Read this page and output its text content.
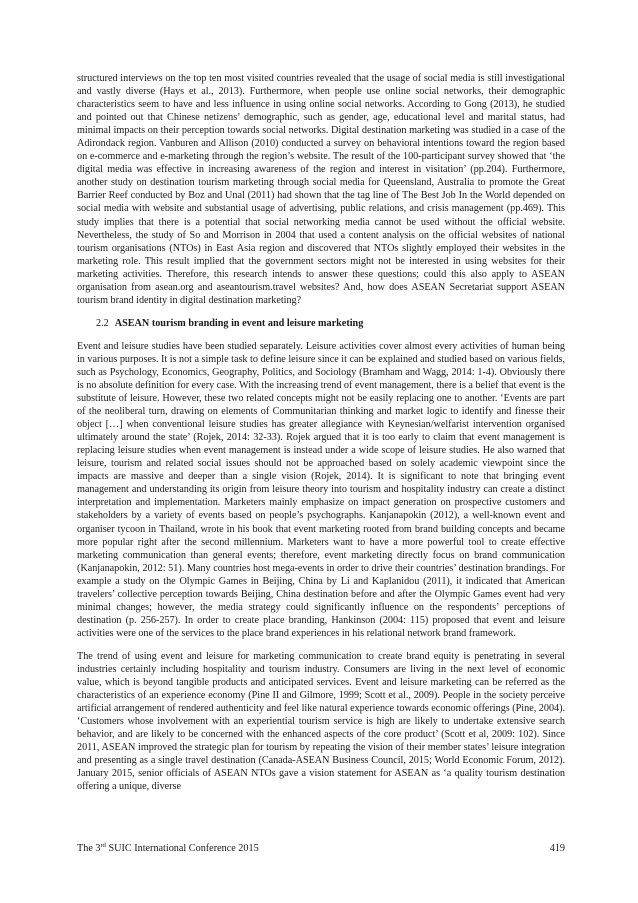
structured interviews on the top ten most visited countries revealed that the usage of social media is still investigational and vastly diverse (Hays et al., 2013). Furthermore, when people use online social networks, their demographic characteristics seem to have and less influence in using online social networks. According to Gong (2013), he studied and pointed out that Chinese netizens’ demographic, such as gender, age, educational level and marital status, had minimal impacts on their perception towards social networks. Digital destination marketing was studied in a case of the Adirondack region. Vanburen and Allison (2010) conducted a survey on behavioral intentions toward the region based on e-commerce and e-marketing through the region’s website. The result of the 100-participant survey showed that ‘the digital media was effective in increasing awareness of the region and interest in visitation’ (pp.204). Furthermore, another study on destination tourism marketing through social media for Queensland, Australia to promote the Great Barrier Reef conducted by Boz and Unal (2011) had shown that the tag line of The Best Job In the World depended on social media with website and substantial usage of advertising, public relations, and crisis management (pp.469). This study implies that there is a potential that social networking media cannot be used without the official website. Nevertheless, the study of So and Morrison in 2004 that used a content analysis on the official websites of national tourism organisations (NTOs) in East Asia region and discovered that NTOs slightly employed their websites in the marketing role. This result implied that the government sectors might not be interested in using websites for their marketing activities. Therefore, this research intends to answer these questions; could this also apply to ASEAN organisation from asean.org and aseantourism.travel websites? And, how does ASEAN Secretariat support ASEAN tourism brand identity in digital destination marketing?

2.2 ASEAN tourism branding in event and leisure marketing

Event and leisure studies have been studied separately. Leisure activities cover almost every activities of human being in various purposes. It is not a simple task to define leisure since it can be explained and studied based on various fields, such as Psychology, Economics, Geography, Politics, and Sociology (Bramham and Wagg, 2014: 1-4). Obviously there is no absolute definition for every case. With the increasing trend of event management, there is a belief that event is the substitute of leisure. However, these two related concepts might not be easily replacing one to another. ‘Events are part of the neoliberal turn, drawing on elements of Communitarian thinking and market logic to identify and finesse their object […] when conventional leisure studies has greater allegiance with Keynesian/welfarist intervention organised ultimately around the state’ (Rojek, 2014: 32-33). Rojek argued that it is too early to claim that event management is replacing leisure studies when event management is instead under a wide scope of leisure studies. He also warned that leisure, tourism and related social issues should not be approached based on solely academic viewpoint since the impacts are massive and deeper than a single vision (Rojek, 2014). It is significant to note that bringing event management and understanding its origin from leisure theory into tourism and hospitality industry can create a distinct interpretation and implementation. Marketers mainly emphasize on impact generation on prospective customers and stakeholders by a variety of events based on people’s psychographs. Kanjanapokin (2012), a well-known event and organiser tycoon in Thailand, wrote in his book that event marketing rooted from brand building concepts and became more popular right after the second millennium. Marketers want to have a more powerful tool to create effective marketing communication than general events; therefore, event marketing directly focus on brand communication (Kanjanapokin, 2012: 51). Many countries host mega-events in order to drive their countries’ destination brandings. For example a study on the Olympic Games in Beijing, China by Li and Kaplanidou (2011), it indicated that American travelers’ collective perception towards Beijing, China destination before and after the Olympic Games event had very minimal changes; however, the media strategy could significantly influence on the respondents’ perceptions of destination (p. 256-257). In order to create place branding, Hankinson (2004: 115) proposed that event and leisure activities were one of the services to the place brand experiences in his relational network brand framework.

The trend of using event and leisure for marketing communication to create brand equity is penetrating in several industries certainly including hospitality and tourism industry. Consumers are living in the next level of economic value, which is beyond tangible products and anticipated services. Event and leisure marketing can be referred as the characteristics of an experience economy (Pine II and Gilmore, 1999; Scott et al., 2009). People in the society perceive artificial arrangement of rendered authenticity and feel like natural experience towards economic offerings (Pine, 2004). ‘Customers whose involvement with an experiential tourism service is high are likely to undertake extensive search behavior, and are likely to be concerned with the enhanced aspects of the core product’ (Scott et al, 2009: 102). Since 2011, ASEAN improved the strategic plan for tourism by repeating the vision of their member states’ leisure integration and presenting as a single travel destination (Canada-ASEAN Business Council, 2015; World Economic Forum, 2012). January 2015, senior officials of ASEAN NTOs gave a vision statement for ASEAN as ‘a quality tourism destination offering a unique, diverse

The 3rd SUIC International Conference 2015	419
